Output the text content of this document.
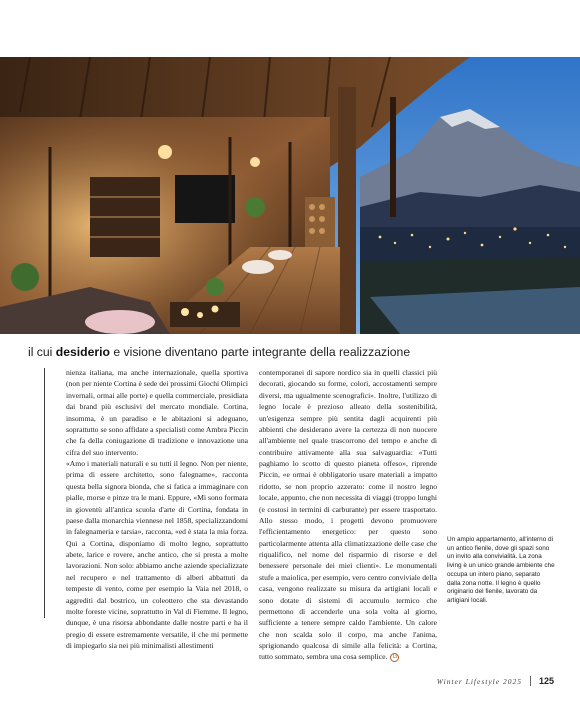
il cui desiderio e visione diventano parte integrante della realizzazione

nienza italiana, ma anche internazionale, quella sportiva (non per niente Cortina è sede dei prossimi Giochi Olimpici invernali, ormai alle porte) e quella commerciale, presidiata dai brand più esclusivi del mercato mondiale. Cortina, insomma, è un paradiso e le abitazioni si adeguano, soprattutto se sono affidate a specialisti come Ambra Piccin che fa della coniugazione di tradizione e innovazione una cifra del suo intervento.

«Amo i materiali naturali e su tutti il legno. Non per niente, prima di essere architetto, sono falegname», racconta questa bella signora bionda, che si fatica a immaginare con pialle, morse e pinze tra le mani. Eppure, «Mi sono formata in gioventù all'antica scuola d'arte di Cortina, fondata in paese dalla monarchia viennese nel 1858, specializzandomi in falegnameria e tarsia», racconta, «ed è stata la mia forza. Qui a Cortina, disponiamo di molto legno, soprattutto abete, larice e rovere, anche antico, che si presta a molte lavorazioni. Non solo: abbiamo anche aziende specializzate nel recupero e nel trattamento di alberi abbattuti da tempeste di vento, come per esempio la Vaia nel 2018, o aggrediti dal bostrico, un coleottero che sta devastando molte foreste vicine, soprattutto in Val di Fiemme. Il legno, dunque, è una risorsa abbondante dalle nostre parti e ha il pregio di essere estremamente versatile, il che mi permette di impiegarlo sia nei più minimalisti allestimenti

contemporanei di sapore nordico sia in quelli classici più decorati, giocando su forme, colori, accostamenti sempre diversi, ma ugualmente scenografici». Inoltre, l'utilizzo di legno locale è prezioso alleato della sostenibilità, un'esigenza sempre più sentita dagli acquirenti più abbienti che desiderano avere la certezza di non nuocere all'ambiente nel quale trascorrono del tempo e anche di contribuire attivamente alla sua salvaguardia: «Tutti paghiamo lo scotto di questo pianeta offeso», riprende Piccin, «e ormai è obbligatorio usare materiali a impatto ridotto, se non proprio azzerato: come il nostro legno locale, appunto, che non necessita di viaggi (troppo lunghi (e costosi in termini di carburante) per essere trasportato. Allo stesso modo, i progetti devono promuovere l'efficientamento energetico: per questo sono particolarmente attenta alla climatizzazione delle case che riqualifico, nel nome del risparmio di risorse e del benessere personale dei miei clienti». Le monumentali stufe a maiolica, per esempio, vero centro conviviale della casa, vengono realizzate su misura da artigiani locali e sono dotate di sistemi di accumulo termico che permettono di accenderle una sola volta al giorno, sufficiente a tenere sempre caldo l'ambiente. Un calore che non scalda solo il corpo, ma anche l'anima, sprigionando qualcosa di simile alla felicità: a Cortina, tutto sommato, sembra una cosa semplice. G

Un ampio appartamento, all'interno di un antico fienile, dove gli spazi sono un invito alla convivialità. La zona living è un unico grande ambiente che occupa un intero piano, separato dalla zona notte. Il legno è quello originario del fienile, lavorato da artigiani locali.
Winter Lifestyle 2025 125
